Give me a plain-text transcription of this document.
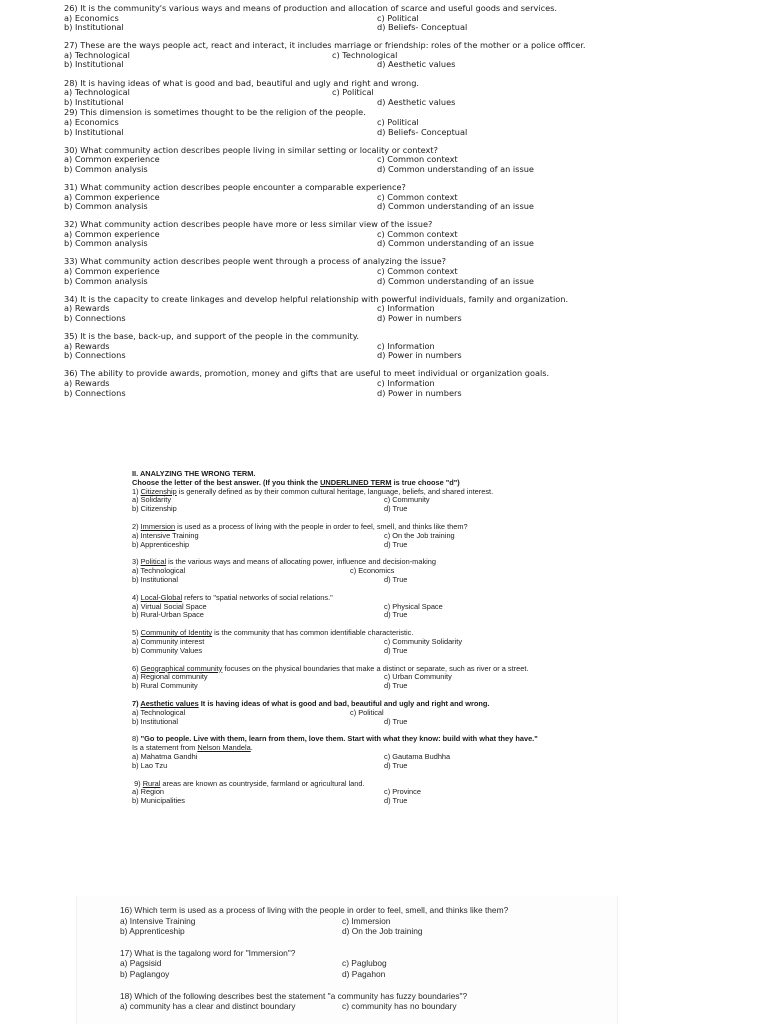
26) It is the community's various ways and means of production and allocation of scarce and useful goods and services.
a) Economics	c) Political
b) Institutional	d) Beliefs- Conceptual
27) These are the ways people act, react and interact, it includes marriage or friendship: roles of the mother or a police officer.
a) Technological	c) Technological
b) Institutional	d) Aesthetic values
28) It is having ideas of what is good and bad, beautiful and ugly and right and wrong.
a) Technological	c) Political
b) Institutional	d) Aesthetic values
29) This dimension is sometimes thought to be the religion of the people.
a) Economics	c) Political
b) Institutional	d) Beliefs- Conceptual
30) What community action describes people living in similar setting or locality or context?
a) Common experience	c) Common context
b) Common analysis	d) Common understanding of an issue
31) What community action describes people encounter a comparable experience?
a) Common experience	c) Common context
b) Common analysis	d) Common understanding of an issue
32) What community action describes people have more or less similar view of the issue?
a) Common experience	c) Common context
b) Common analysis	d) Common understanding of an issue
33) What community action describes people went through a process of analyzing the issue?
a) Common experience	c) Common context
b) Common analysis	d) Common understanding of an issue
34) It is the capacity to create linkages and develop helpful relationship with powerful individuals, family and organization.
a) Rewards	c) Information
b) Connections	d) Power in numbers
35) It is the base, back-up, and support of the people in the community.
a) Rewards	c) Information
b) Connections	d) Power in numbers
36) The ability to provide awards, promotion, money and gifts that are useful to meet individual or organization goals.
a) Rewards	c) Information
b) Connections	d) Power in numbers
II. ANALYZING THE WRONG TERM.
Choose the letter of the best answer. (If you think the UNDERLINED TERM is true choose "d")
1) Citizenship is generally defined as by their common cultural heritage, language, beliefs, and shared interest.
a) Solidarity	c) Community
b) Citizenship	d) True
2) Immersion is used as a process of living with the people in order to feel, smell, and thinks like them?
a) Intensive Training	c) On the Job training
b) Apprenticeship	d) True
3) Political is the various ways and means of allocating power, influence and decision-making
a) Technological	c) Economics
b) Institutional	d) True
4) Local-Global refers to "spatial networks of social relations."
a) Virtual Social Space	c) Physical Space
b) Rural-Urban Space	d) True
5) Community of Identity is the community that has common identifiable characteristic.
a) Community interest	c) Community Solidarity
b) Community Values	d) True
6) Geographical community focuses on the physical boundaries that make a distinct or separate, such as river or a street.
a) Regional community	c) Urban Community
b) Rural Community	d) True
7) Aesthetic values It is having ideas of what is good and bad, beautiful and ugly and right and wrong.
a) Technological	c) Political
b) Institutional	d) True
8) "Go to people. Live with them, learn from them, love them. Start with what they know: build with what they have."
Is a statement from Nelson Mandela.
a) Mahatma Gandhi	c) Gautama Budhha
b) Lao Tzu	d) True
9) Rural areas are known as countryside, farmland or agricultural land.
a) Region	c) Province
b) Municipalities	d) True
16) Which term is used as a process of living with the people in order to feel, smell, and thinks like them?
a) Intensive Training	c) Immersion
b) Apprenticeship	d) On the Job training
17) What is the tagalong word for "Immersion"?
a) Pagsisid	c) Paglubog
b) Paglangoy	d) Pagahon
18) Which of the following describes best the statement "a community has fuzzy boundaries"?
a) community has a clear and distinct boundary	c) community has no boundary
